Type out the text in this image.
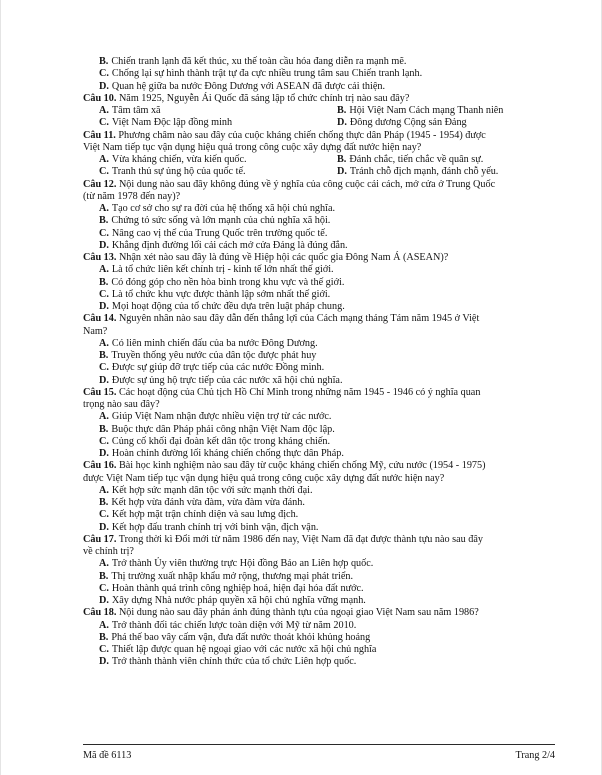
B. Chiến tranh lạnh đã kết thúc, xu thế toàn cầu hóa đang diễn ra mạnh mẽ.
C. Chống lại sự hình thành trật tự đa cực nhiều trung tâm sau Chiến tranh lạnh.
D. Quan hệ giữa ba nước Đông Dương với ASEAN đã được cải thiện.
Câu 10. Năm 1925, Nguyễn Ái Quốc đã sáng lập tổ chức chính trị nào sau đây?
A. Tâm tâm xã	B. Hội Việt Nam Cách mạng Thanh niên
C. Việt Nam Độc lập đồng minh	D. Đông dương Cộng sản Đảng
Câu 11. Phương châm nào sau đây của cuộc kháng chiến chống thực dân Pháp (1945 - 1954) được
Việt Nam tiếp tục vận dụng hiệu quả trong công cuộc xây dựng đất nước hiện nay?
A. Vừa kháng chiến, vừa kiến quốc.	B. Đánh chắc, tiến chắc về quân sự.
C. Tranh thủ sự ủng hộ của quốc tế.	D. Tránh chỗ địch mạnh, đánh chỗ yếu.
Câu 12. Nội dung nào sau đây không đúng về ý nghĩa của công cuộc cải cách, mở cửa ở Trung Quốc
(từ năm 1978 đến nay)?
A. Tạo cơ sở cho sự ra đời của hệ thống xã hội chủ nghĩa.
B. Chứng tỏ sức sống và lớn mạnh của chủ nghĩa xã hội.
C. Nâng cao vị thế của Trung Quốc trên trường quốc tế.
D. Khẳng định đường lối cải cách mở cửa Đảng là đúng đắn.
Câu 13. Nhận xét nào sau đây là đúng về Hiệp hội các quốc gia Đông Nam Á (ASEAN)?
A. Là tổ chức liên kết chính trị - kinh tế lớn nhất thế giới.
B. Có đóng góp cho nền hòa bình trong khu vực và thế giới.
C. Là tổ chức khu vực được thành lập sớm nhất thế giới.
D. Mọi hoạt động của tổ chức đều dựa trên luật pháp chung.
Câu 14. Nguyên nhân nào sau đây dẫn đến thắng lợi của Cách mạng tháng Tám năm 1945 ở Việt
Nam?
A. Có liên minh chiến đấu của ba nước Đông Dương.
B. Truyền thống yêu nước của dân tộc được phát huy
C. Được sự giúp đỡ trực tiếp của các nước Đồng minh.
D. Được sự ủng hộ trực tiếp của các nước xã hội chủ nghĩa.
Câu 15. Các hoạt động của Chủ tịch Hồ Chí Minh trong những năm 1945 - 1946 có ý nghĩa quan
trọng nào sau đây?
A. Giúp Việt Nam nhận được nhiều viện trợ từ các nước.
B. Buộc thực dân Pháp phải công nhận Việt Nam độc lập.
C. Củng cố khối đại đoàn kết dân tộc trong kháng chiến.
D. Hoàn chỉnh đường lối kháng chiến chống thực dân Pháp.
Câu 16. Bài học kinh nghiệm nào sau đây từ cuộc kháng chiến chống Mỹ, cứu nước (1954 - 1975)
được Việt Nam tiếp tục vận dụng hiệu quả trong công cuộc xây dựng đất nước hiện nay?
A. Kết hợp sức mạnh dân tộc với sức mạnh thời đại.
B. Kết hợp vừa đánh vừa đàm, vừa đàm vừa đánh.
C. Kết hợp mặt trận chính diện và sau lưng địch.
D. Kết hợp đấu tranh chính trị với binh vận, địch vận.
Câu 17. Trong thời kì Đổi mới từ năm 1986 đến nay, Việt Nam đã đạt được thành tựu nào sau đây
về chính trị?
A. Trở thành Ủy viên thường trực Hội đồng Bảo an Liên hợp quốc.
B. Thị trường xuất nhập khẩu mở rộng, thương mại phát triển.
C. Hoàn thành quá trình công nghiệp hoá, hiện đại hóa đất nước.
D. Xây dựng Nhà nước pháp quyền xã hội chủ nghĩa vững mạnh.
Câu 18. Nội dung nào sau đây phản ánh đúng thành tựu của ngoại giao Việt Nam sau năm 1986?
A. Trở thành đối tác chiến lược toàn diện với Mỹ từ năm 2010.
B. Phá thế bao vây cấm vận, đưa đất nước thoát khỏi khủng hoảng
C. Thiết lập được quan hệ ngoại giao với các nước xã hội chủ nghĩa
D. Trở thành thành viên chính thức của tổ chức Liên hợp quốc.
Mã đề 6113	Trang 2/4
